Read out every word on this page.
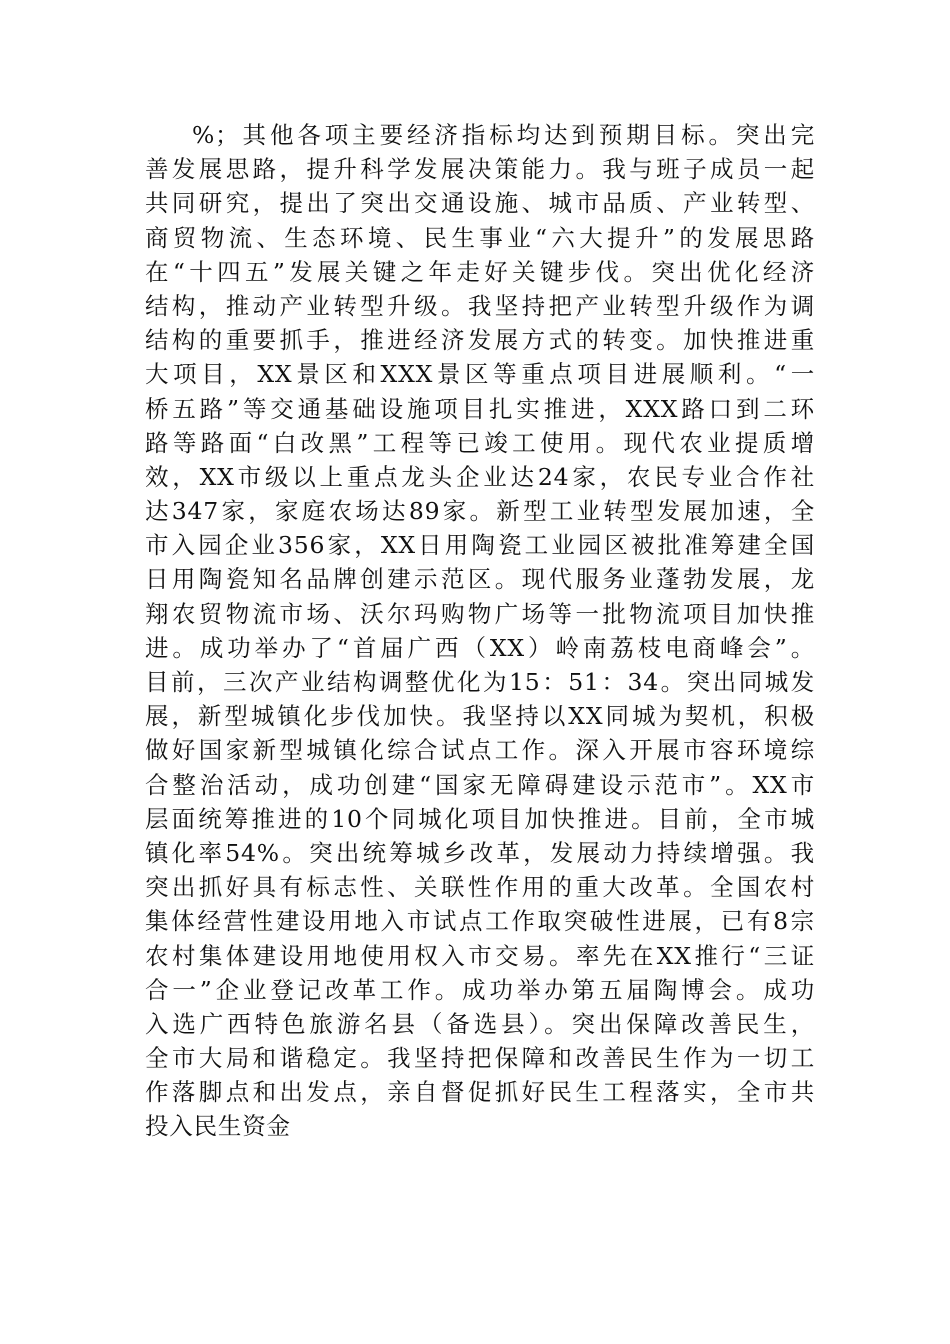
%；其他各项主要经济指标均达到预期目标。突出完
善发展思路，提升科学发展决策能力。我与班子成员一起
共同研究，提出了突出交通设施、城市品质、产业转型、
商贸物流、生态环境、民生事业“六大提升”的发展思路
在“十四五”发展关键之年走好关键步伐。突出优化经济
结构，推动产业转型升级。我坚持把产业转型升级作为调
结构的重要抓手，推进经济发展方式的转变。加快推进重
大项目，XX景区和XXX景区等重点项目进展顺利。“一
桥五路”等交通基础设施项目扎实推进，XXX路口到二环
路等路面“白改黑”工程等已竣工使用。现代农业提质增
效，XX市级以上重点龙头企业达24家，农民专业合作社
达347家，家庭农场达89家。新型工业转型发展加速，全
市入园企业356家，XX日用陶瓷工业园区被批准筹建全国
日用陶瓷知名品牌创建示范区。现代服务业蓬勃发展，龙
翔农贸物流市场、沃尔玛购物广场等一批物流项目加快推
进。成功举办了“首届广西（XX）岭南荔枝电商峰会”。
目前，三次产业结构调整优化为15：51：34。突出同城发
展，新型城镇化步伐加快。我坚持以XX同城为契机，积极
做好国家新型城镇化综合试点工作。深入开展市容环境综
合整治活动，成功创建“国家无障碍建设示范市”。XX市
层面统筹推进的10个同城化项目加快推进。目前，全市城
镇化率54%。突出统筹城乡改革，发展动力持续增强。我
突出抓好具有标志性、关联性作用的重大改革。全国农村
集体经营性建设用地入市试点工作取突破性进展，已有8宗
农村集体建设用地使用权入市交易。率先在XX推行“三证
合一”企业登记改革工作。成功举办第五届陶博会。成功
入选广西特色旅游名县（备选县）。突出保障改善民生，
全市大局和谐稳定。我坚持把保障和改善民生作为一切工
作落脚点和出发点，亲自督促抓好民生工程落实，全市共
投入民生资金
